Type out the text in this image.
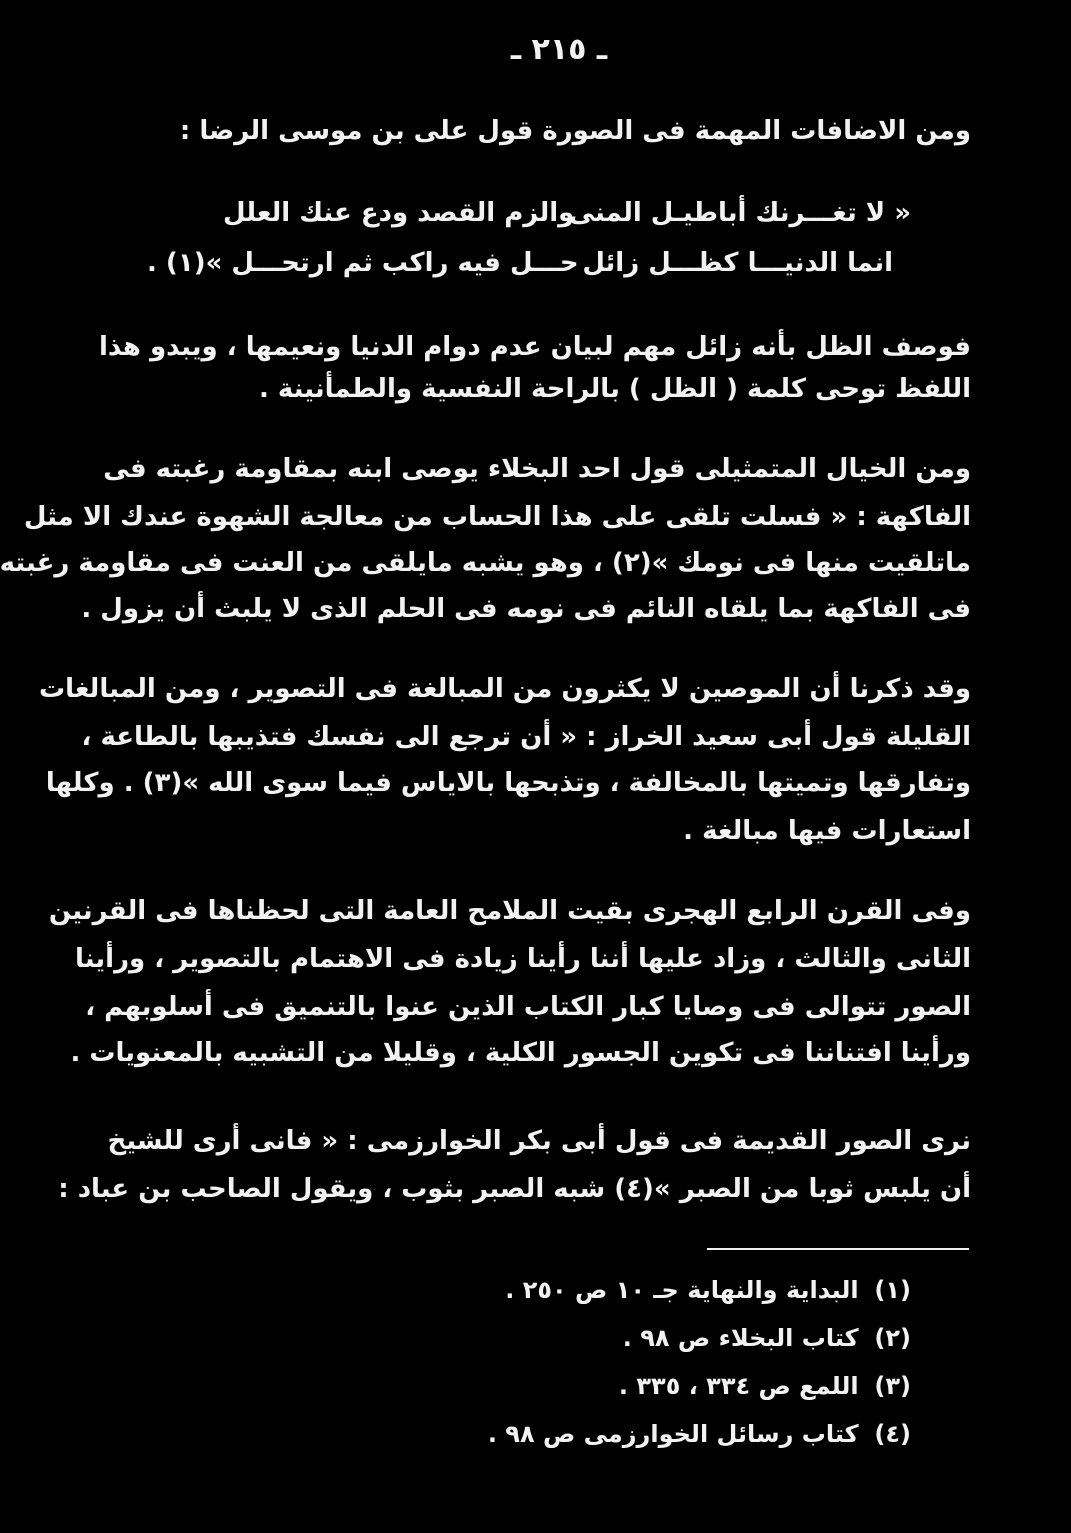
ـ ٢١٥ ـ
ومن الاضافات المهمة فى الصورة قول على بن موسى الرضا :
« لا تغـــرنك أباطيـل المنى
والزم القصد ودع عنك العلل
انما الدنيـــا كظـــل زائل
حـــل فيه راكب ثم ارتحـــل »(١) .
فوصف الظل بأنه زائل مهم لبيان عدم دوام الدنيا ونعيمها ، ويبدو هذا
اللفظ توحى كلمة ( الظل ) بالراحة النفسية والطمأنينة .
ومن الخيال المتمثيلى قول احد البخلاء يوصى ابنه بمقاومة رغبته فى
الفاكهة : « فسلت تلقى على هذا الحساب من معالجة الشهوة عندك الا مثل
ماتلقيت منها فى نومك »(٢) ، وهو يشبه مايلقى من العنت فى مقاومة رغبته
فى الفاكهة بما يلقاه النائم فى نومه فى الحلم الذى لا يلبث أن يزول .
وقد ذكرنا أن الموصين لا يكثرون من المبالغة فى التصوير ، ومن المبالغات
القليلة قول أبى سعيد الخراز : « أن ترجع الى نفسك فتذيبها بالطاعة ،
وتفارقها وتميتها بالمخالفة ، وتذبحها بالاياس فيما سوى الله »(٣) . وكلها
استعارات فيها مبالغة .
وفى القرن الرابع الهجرى بقيت الملامح العامة التى لحظناها فى القرنين
الثانى والثالث ، وزاد عليها أننا رأينا زيادة فى الاهتمام بالتصوير ، ورأينا
الصور تتوالى فى وصايا كبار الكتاب الذين عنوا بالتنميق فى أسلوبهم ،
ورأينا افتناننا فى تكوين الجسور الكلية ، وقليلا من التشبيه بالمعنويات .
نرى الصور القديمة فى قول أبى بكر الخوارزمى : « فانى أرى للشيخ
أن يلبس ثوبا من الصبر »(٤) شبه الصبر بثوب ، ويقول الصاحب بن عباد :
(١) البداية والنهاية جـ ١٠ ص ٢٥٠ .
(٢) كتاب البخلاء ص ٩٨ .
(٣) اللمع ص ٣٣٤ ، ٣٣٥ .
(٤) كتاب رسائل الخوارزمى ص ٩٨ .
